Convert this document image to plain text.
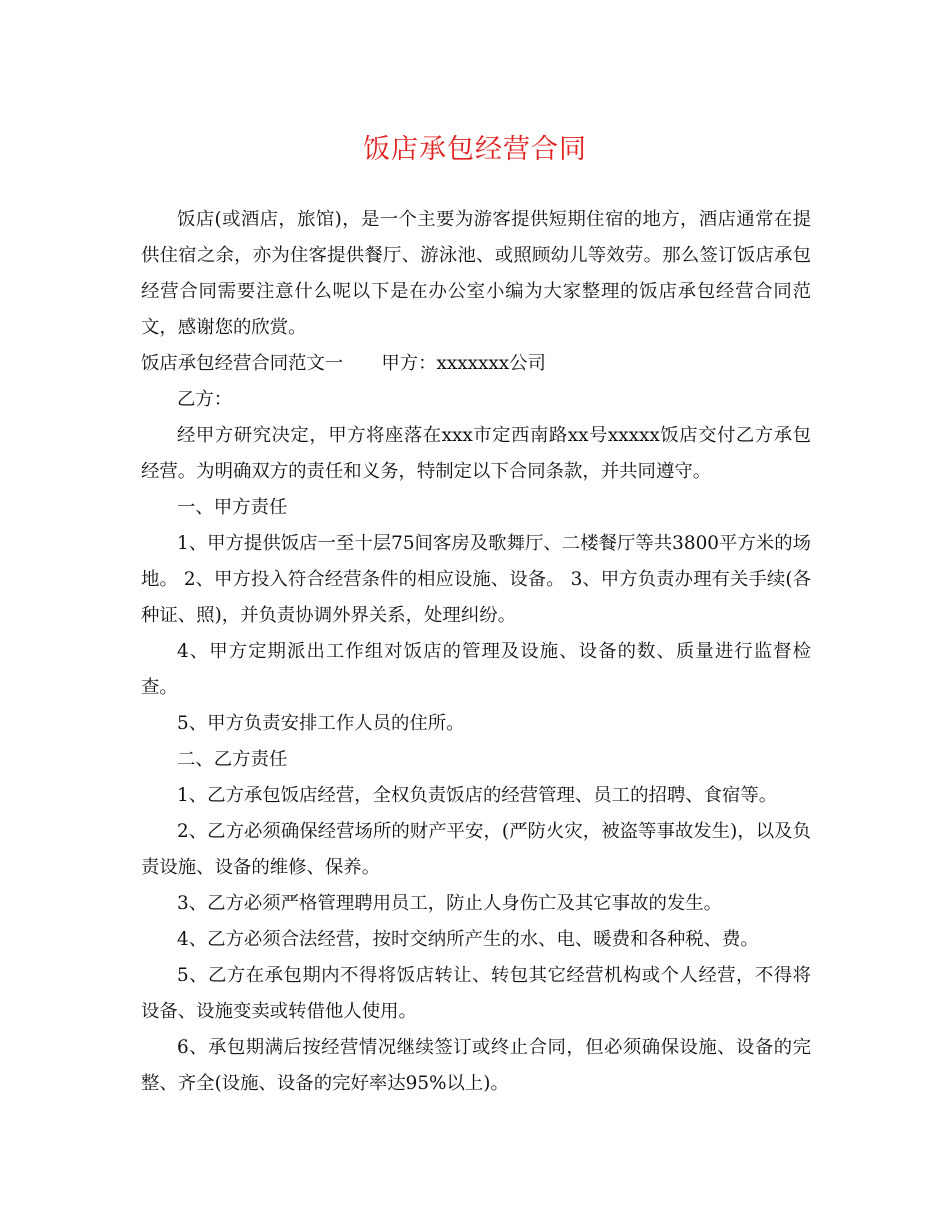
饭店承包经营合同

饭店(或酒店，旅馆)，是一个主要为游客提供短期住宿的地方，酒店通常在提供住宿之余，亦为住客提供餐厅、游泳池、或照顾幼儿等效劳。那么签订饭店承包经营合同需要注意什么呢以下是在办公室小编为大家整理的饭店承包经营合同范文，感谢您的欣赏。

饭店承包经营合同范文一 甲方：xxxxxxx公司

乙方：

经甲方研究决定，甲方将座落在xxx市定西南路xx号xxxxx饭店交付乙方承包经营。为明确双方的责任和义务，特制定以下合同条款，并共同遵守。

一、甲方责任

1、甲方提供饭店一至十层75间客房及歌舞厅、二楼餐厅等共3800平方米的场地。 2、甲方投入符合经营条件的相应设施、设备。 3、甲方负责办理有关手续(各种证、照)，并负责协调外界关系，处理纠纷。

4、甲方定期派出工作组对饭店的管理及设施、设备的数、质量进行监督检查。

5、甲方负责安排工作人员的住所。

二、乙方责任

1、乙方承包饭店经营，全权负责饭店的经营管理、员工的招聘、食宿等。

2、乙方必须确保经营场所的财产平安，(严防火灾，被盗等事故发生)，以及负责设施、设备的维修、保养。

3、乙方必须严格管理聘用员工，防止人身伤亡及其它事故的发生。

4、乙方必须合法经营，按时交纳所产生的水、电、暖费和各种税、费。

5、乙方在承包期内不得将饭店转让、转包其它经营机构或个人经营，不得将设备、设施变卖或转借他人使用。

6、承包期满后按经营情况继续签订或终止合同，但必须确保设施、设备的完整、齐全(设施、设备的完好率达95%以上)。
